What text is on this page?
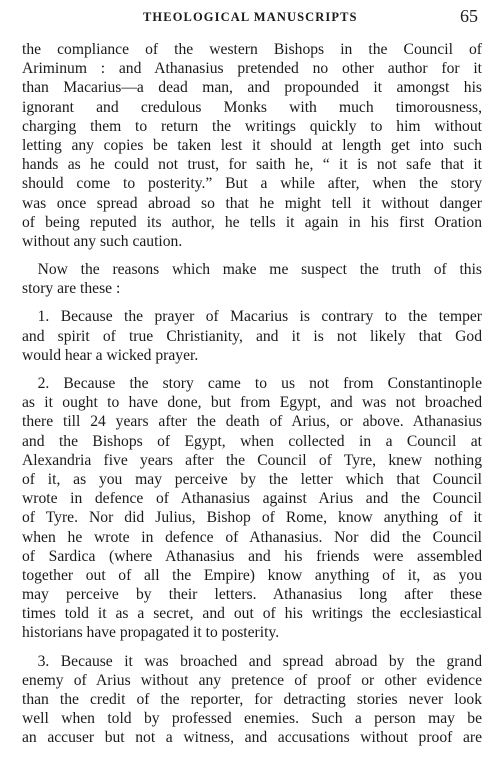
THEOLOGICAL MANUSCRIPTS	65
the compliance of the western Bishops in the Council of
Ariminum : and Athanasius pretended no other author for it
than Macarius—a dead man, and propounded it amongst his
ignorant and credulous Monks with much timorousness,
charging them to return the writings quickly to him without
letting any copies be taken lest it should at length get into such
hands as he could not trust, for saith he, “ it is not safe that it
should come to posterity.” But a while after, when the story
was once spread abroad so that he might tell it without danger
of being reputed its author, he tells it again in his first Oration
without any such caution.
 Now the reasons which make me suspect the truth of this
story are these :
 1. Because the prayer of Macarius is contrary to the temper
and spirit of true Christianity, and it is not likely that God
would hear a wicked prayer.
 2. Because the story came to us not from Constantinople
as it ought to have done, but from Egypt, and was not broached
there till 24 years after the death of Arius, or above. Athanasius
and the Bishops of Egypt, when collected in a Council at
Alexandria five years after the Council of Tyre, knew nothing
of it, as you may perceive by the letter which that Council
wrote in defence of Athanasius against Arius and the Council
of Tyre. Nor did Julius, Bishop of Rome, know anything of it
when he wrote in defence of Athanasius. Nor did the Council
of Sardica (where Athanasius and his friends were assembled
together out of all the Empire) know anything of it, as you
may perceive by their letters. Athanasius long after these
times told it as a secret, and out of his writings the ecclesiastical
historians have propagated it to posterity.
 3. Because it was broached and spread abroad by the grand
enemy of Arius without any pretence of proof or other evidence
than the credit of the reporter, for detracting stories never look
well when told by professed enemies. Such a person may be
an accuser but not a witness, and accusations without proof are
